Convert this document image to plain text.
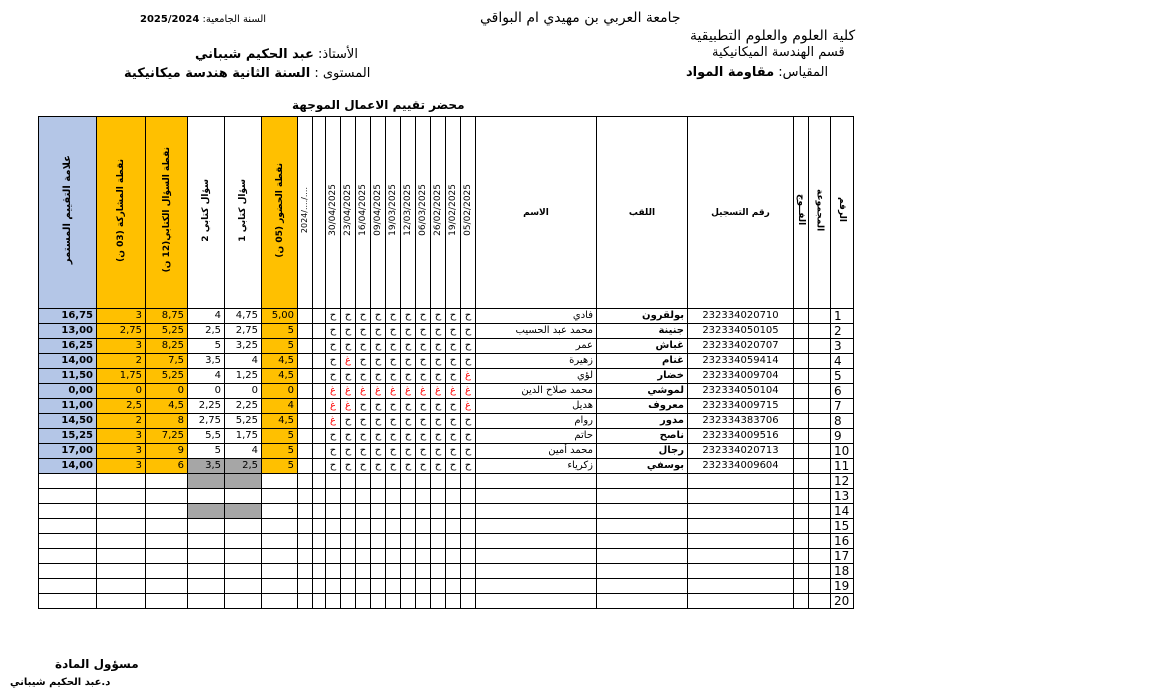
جامعة العربي بن مهيدي ام البواقي
كلية العلوم والعلوم التطبيقية
قسم الهندسة الميكانيكية
المقياس: مقاومة المواد
السنة الجامعية: 2025/2024
الأستاذ: عبد الحكيم شيباني
المستوى : السنة الثانية هندسة ميكانيكية
محضر تقييم الاعمال الموجهة
علامة التقييم المستمر	نقطة المشاركة (03 ن)	نقطة السؤال الكتابي(12 ن)	سؤال كتابي 2	سؤال كتابي 1	نقطة الحضور (05 ن)	2024/..../....		30/04/2025	23/04/2025	16/04/2025	09/04/2025	19/03/2025	12/03/2025	06/03/2025	26/02/2025	19/02/2025	05/02/2025	الاسم	اللقب	رقم التسجيل	الفــوج	المجموعة	الرقم
16,75	3	8,75	4	4,75	5,00			ح	ح	ح	ح	ح	ح	ح	ح	ح	ح	فادي	بولقرون	232334020710			1
13,00	2,75	5,25	2,5	2,75	5			ح	ح	ح	ح	ح	ح	ح	ح	ح	ح	محمد عبد الحسيب	جنينة	232334050105			2
16,25	3	8,25	5	3,25	5			ح	ح	ح	ح	ح	ح	ح	ح	ح	ح	عمر	غباش	232334020707			3
14,00	2	7,5	3,5	4	4,5			ح	غ	ح	ح	ح	ح	ح	ح	ح	ح	زهيرة	غنام	232334059414			4
11,50	1,75	5,25	4	1,25	4,5			ح	ح	ح	ح	ح	ح	ح	ح	ح	غ	لؤي	خضار	232334009704			5
0,00	0	0	0	0	0			غ	غ	غ	غ	غ	غ	غ	غ	غ	غ	محمد صلاح الدين	لموشي	232334050104			6
11,00	2,5	4,5	2,25	2,25	4			غ	غ	ح	ح	ح	ح	ح	ح	ح	غ	هديل	معروف	232334009715			7
14,50	2	8	2,75	5,25	4,5			غ	ح	ح	ح	ح	ح	ح	ح	ح	ح	روام	مدور	232334383706			8
15,25	3	7,25	5,5	1,75	5			ح	ح	ح	ح	ح	ح	ح	ح	ح	ح	حاتم	ناصح	232334009516			9
17,00	3	9	5	4	5			ح	ح	ح	ح	ح	ح	ح	ح	ح	ح	محمد أمين	رجال	232334020713			10
14,00	3	6	3,5	2,5	5			ح	ح	ح	ح	ح	ح	ح	ح	ح	ح	زكرياء	بوسفي	232334009604			11
																							12
																							13
																							14
																							15
																							16
																							17
																							18
																							19
																							20
مسؤول المادة
د.عبد الحكيم شيباني
